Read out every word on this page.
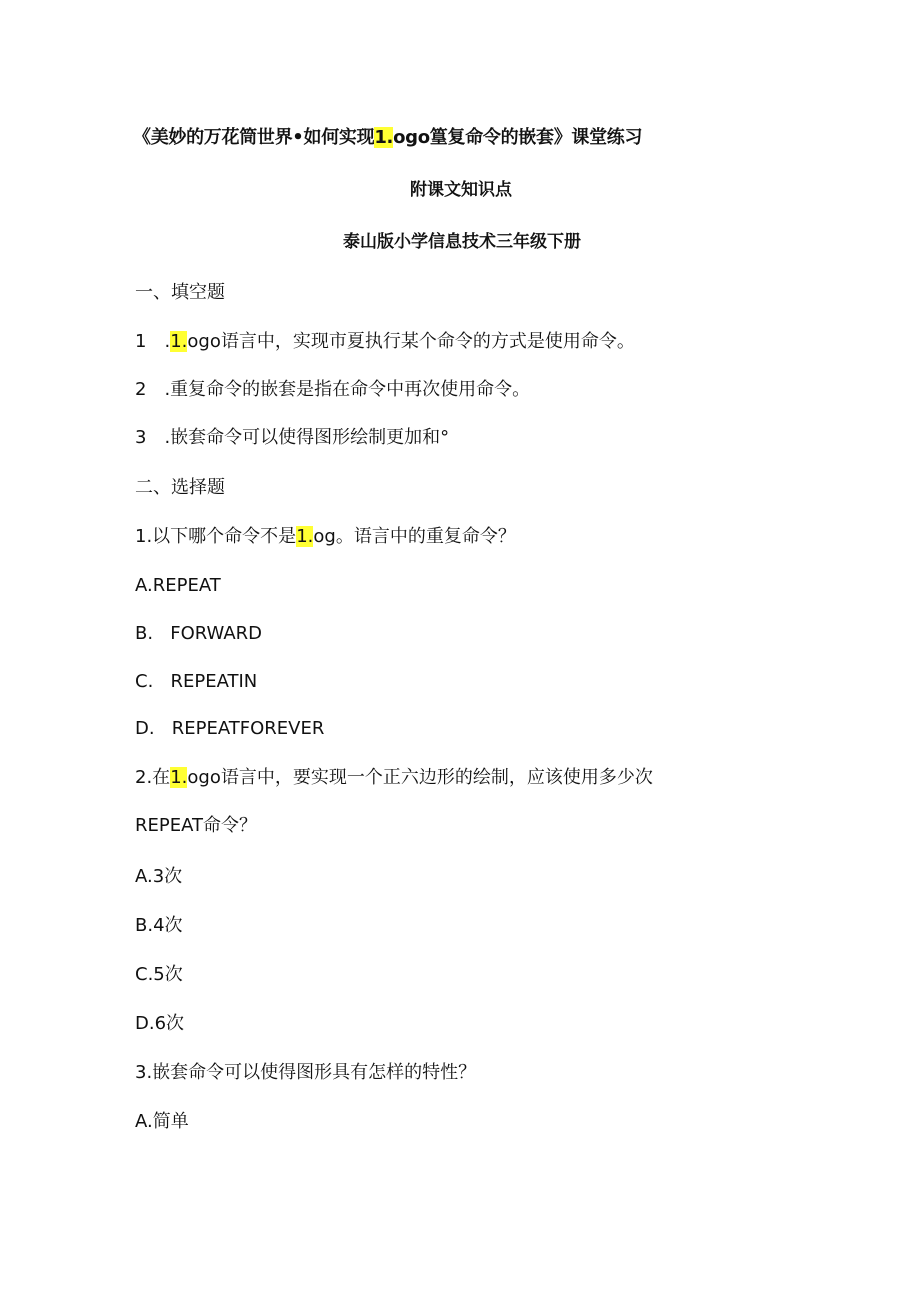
《美妙的万花筒世界•如何实现1.ogo篁复命令的嵌套》课堂练习
附课文知识点
泰山版小学信息技术三年级下册
一、填空题
1 .1.ogo语言中，实现市夏执行某个命令的方式是使用命令。
2 .重复命令的嵌套是指在命令中再次使用命令。
3 .嵌套命令可以使得图形绘制更加和°
二、选择题
1.以下哪个命令不是1.og。语言中的重复命令？
A.REPEAT
B.   FORWARD
C.   REPEATIN
D.   REPEATFOREVER
2.在1.ogo语言中，要实现一个正六边形的绘制，应该使用多少次
REPEAT命令？
A.3次
B.4次
C.5次
D.6次
3.嵌套命令可以使得图形具有怎样的特性？
A.简单
